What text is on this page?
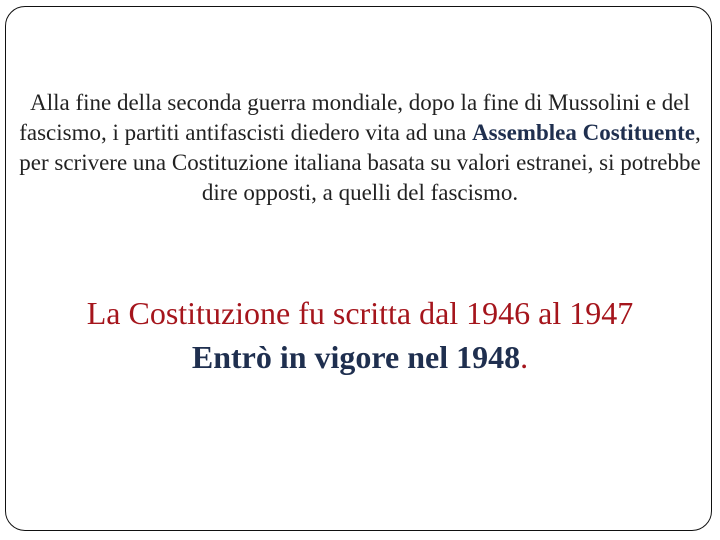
Alla fine della seconda guerra mondiale, dopo la fine di Mussolini e del fascismo, i partiti antifascisti diedero vita ad una Assemblea Costituente, per scrivere una Costituzione italiana basata su valori estranei, si potrebbe dire opposti, a quelli del fascismo.

La Costituzione fu scritta dal 1946 al 1947
Entrò in vigore nel 1948.
